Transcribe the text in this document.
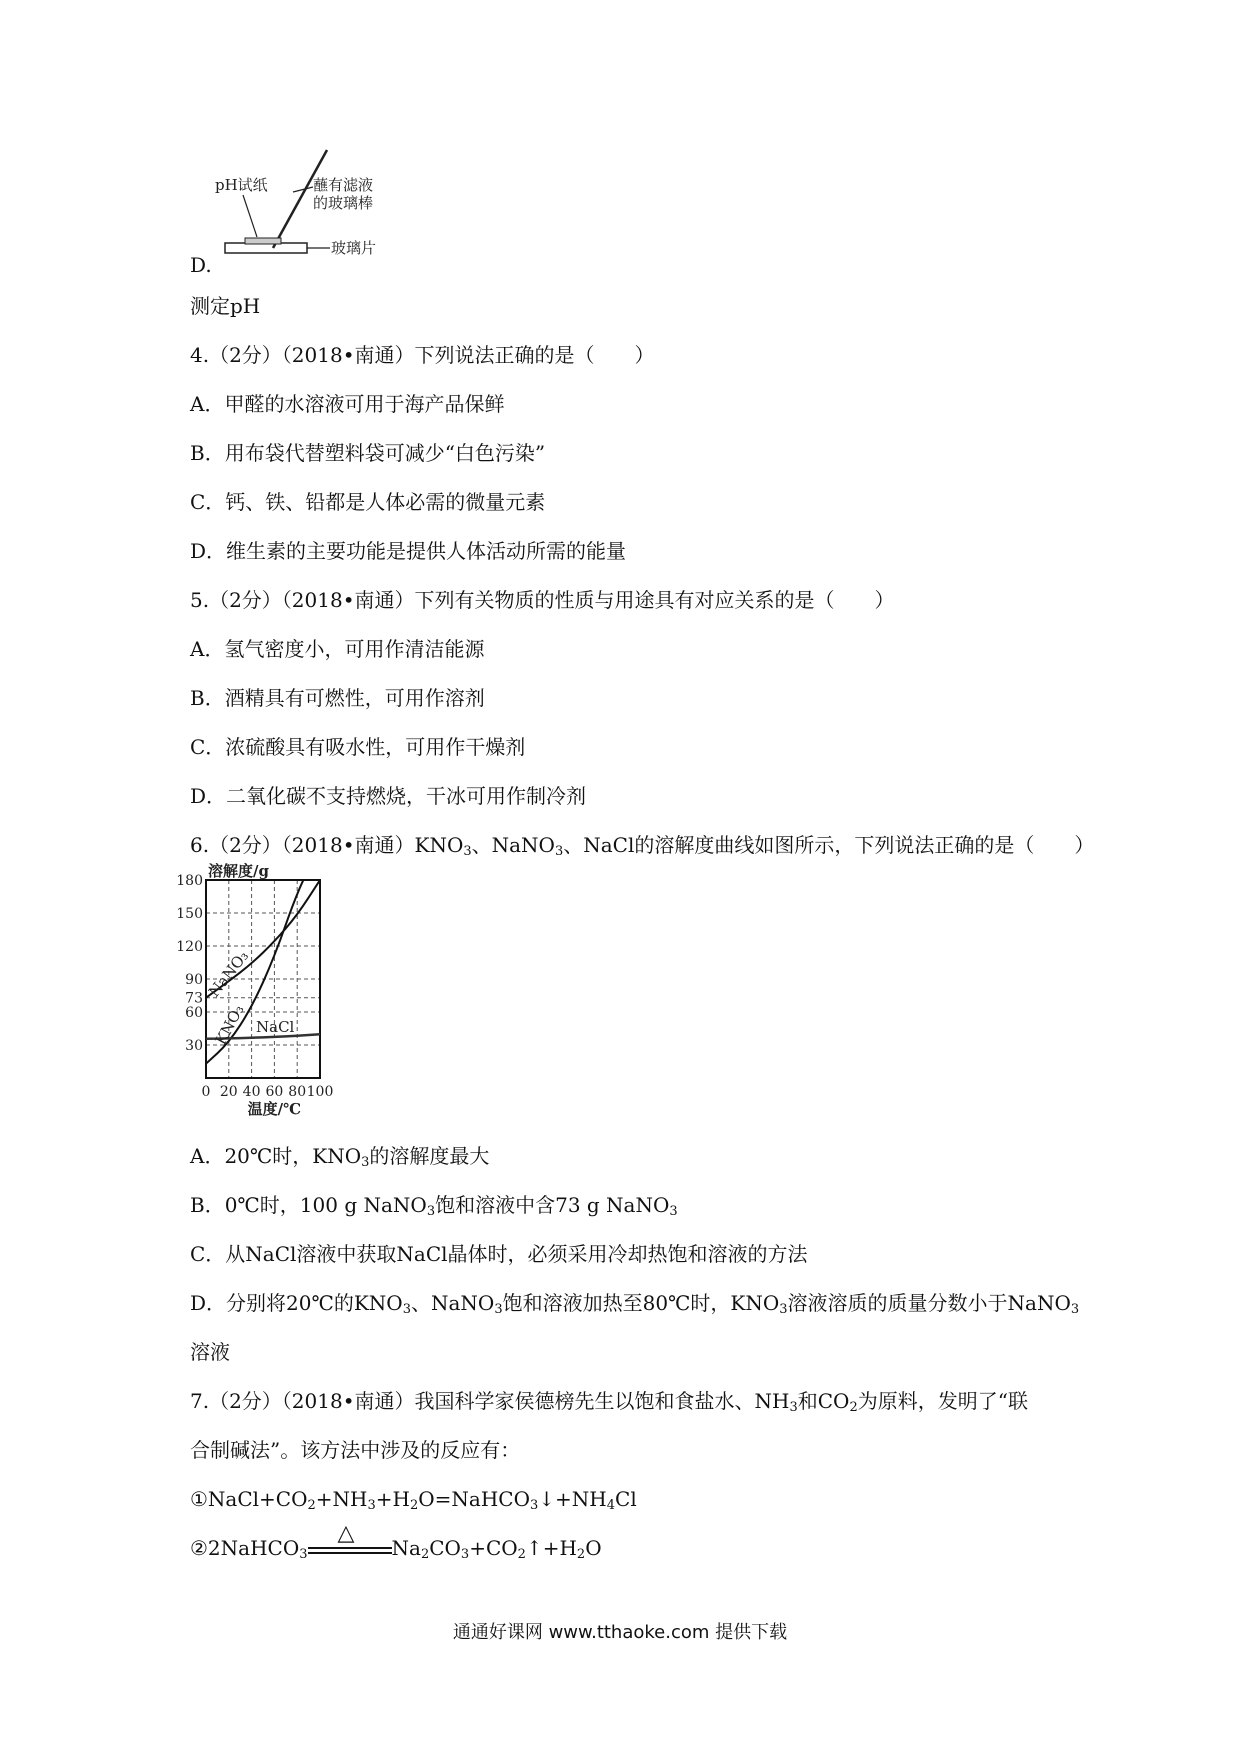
pH试纸	蘸有滤液
的玻璃棒
玻璃片
D.
测定pH
4.（2分）（2018•南通）下列说法正确的是（　　）
A．甲醛的水溶液可用于海产品保鲜
B．用布袋代替塑料袋可减少“白色污染”
C．钙、铁、铅都是人体必需的微量元素
D．维生素的主要功能是提供人体活动所需的能量
5.（2分）（2018•南通）下列有关物质的性质与用途具有对应关系的是（　　）
A．氢气密度小，可用作清洁能源
B．酒精具有可燃性，可用作溶剂
C．浓硫酸具有吸水性，可用作干燥剂
D．二氧化碳不支持燃烧，干冰可用作制冷剂
6.（2分）（2018•南通）$KNO_3$、NaNO$_3$、NaCl的溶解度曲线如图所示，下列说法正确的是（　　）
0 20 40 60 80 100
30
60
73
90
120
150
180
溶解度/g
温度/℃
NaNO₃
KNO₃ NaCl
A．20℃时，$KNO_3$的溶解度最大
B．0℃时，100 g NaNO$_3$饱和溶液中含73 g NaNO$_3$
C．从NaCl溶液中获取NaCl晶体时，必须采用冷却热饱和溶液的方法
D．分别将20℃的$KNO_3$、NaNO$_3$饱和溶液加热至80℃时，$KNO_3$溶液溶质的质量分数小于NaNO$_3$
溶液
7.（2分）（2018•南通）我国科学家侯德榜先生以饱和食盐水、$NH_3$和$CO_2$为原料，发明了“联
合制碱法”。该方法中涉及的反应有：
$①NaCl+CO_2+NH_3+H_2O=NaHCO_3↓+NH_4Cl$
②2NaHCO$_3$
△
$Na_2CO_3+CO_2↑+H_2O$
通通好课网 www.tthaoke.com 提供下载
